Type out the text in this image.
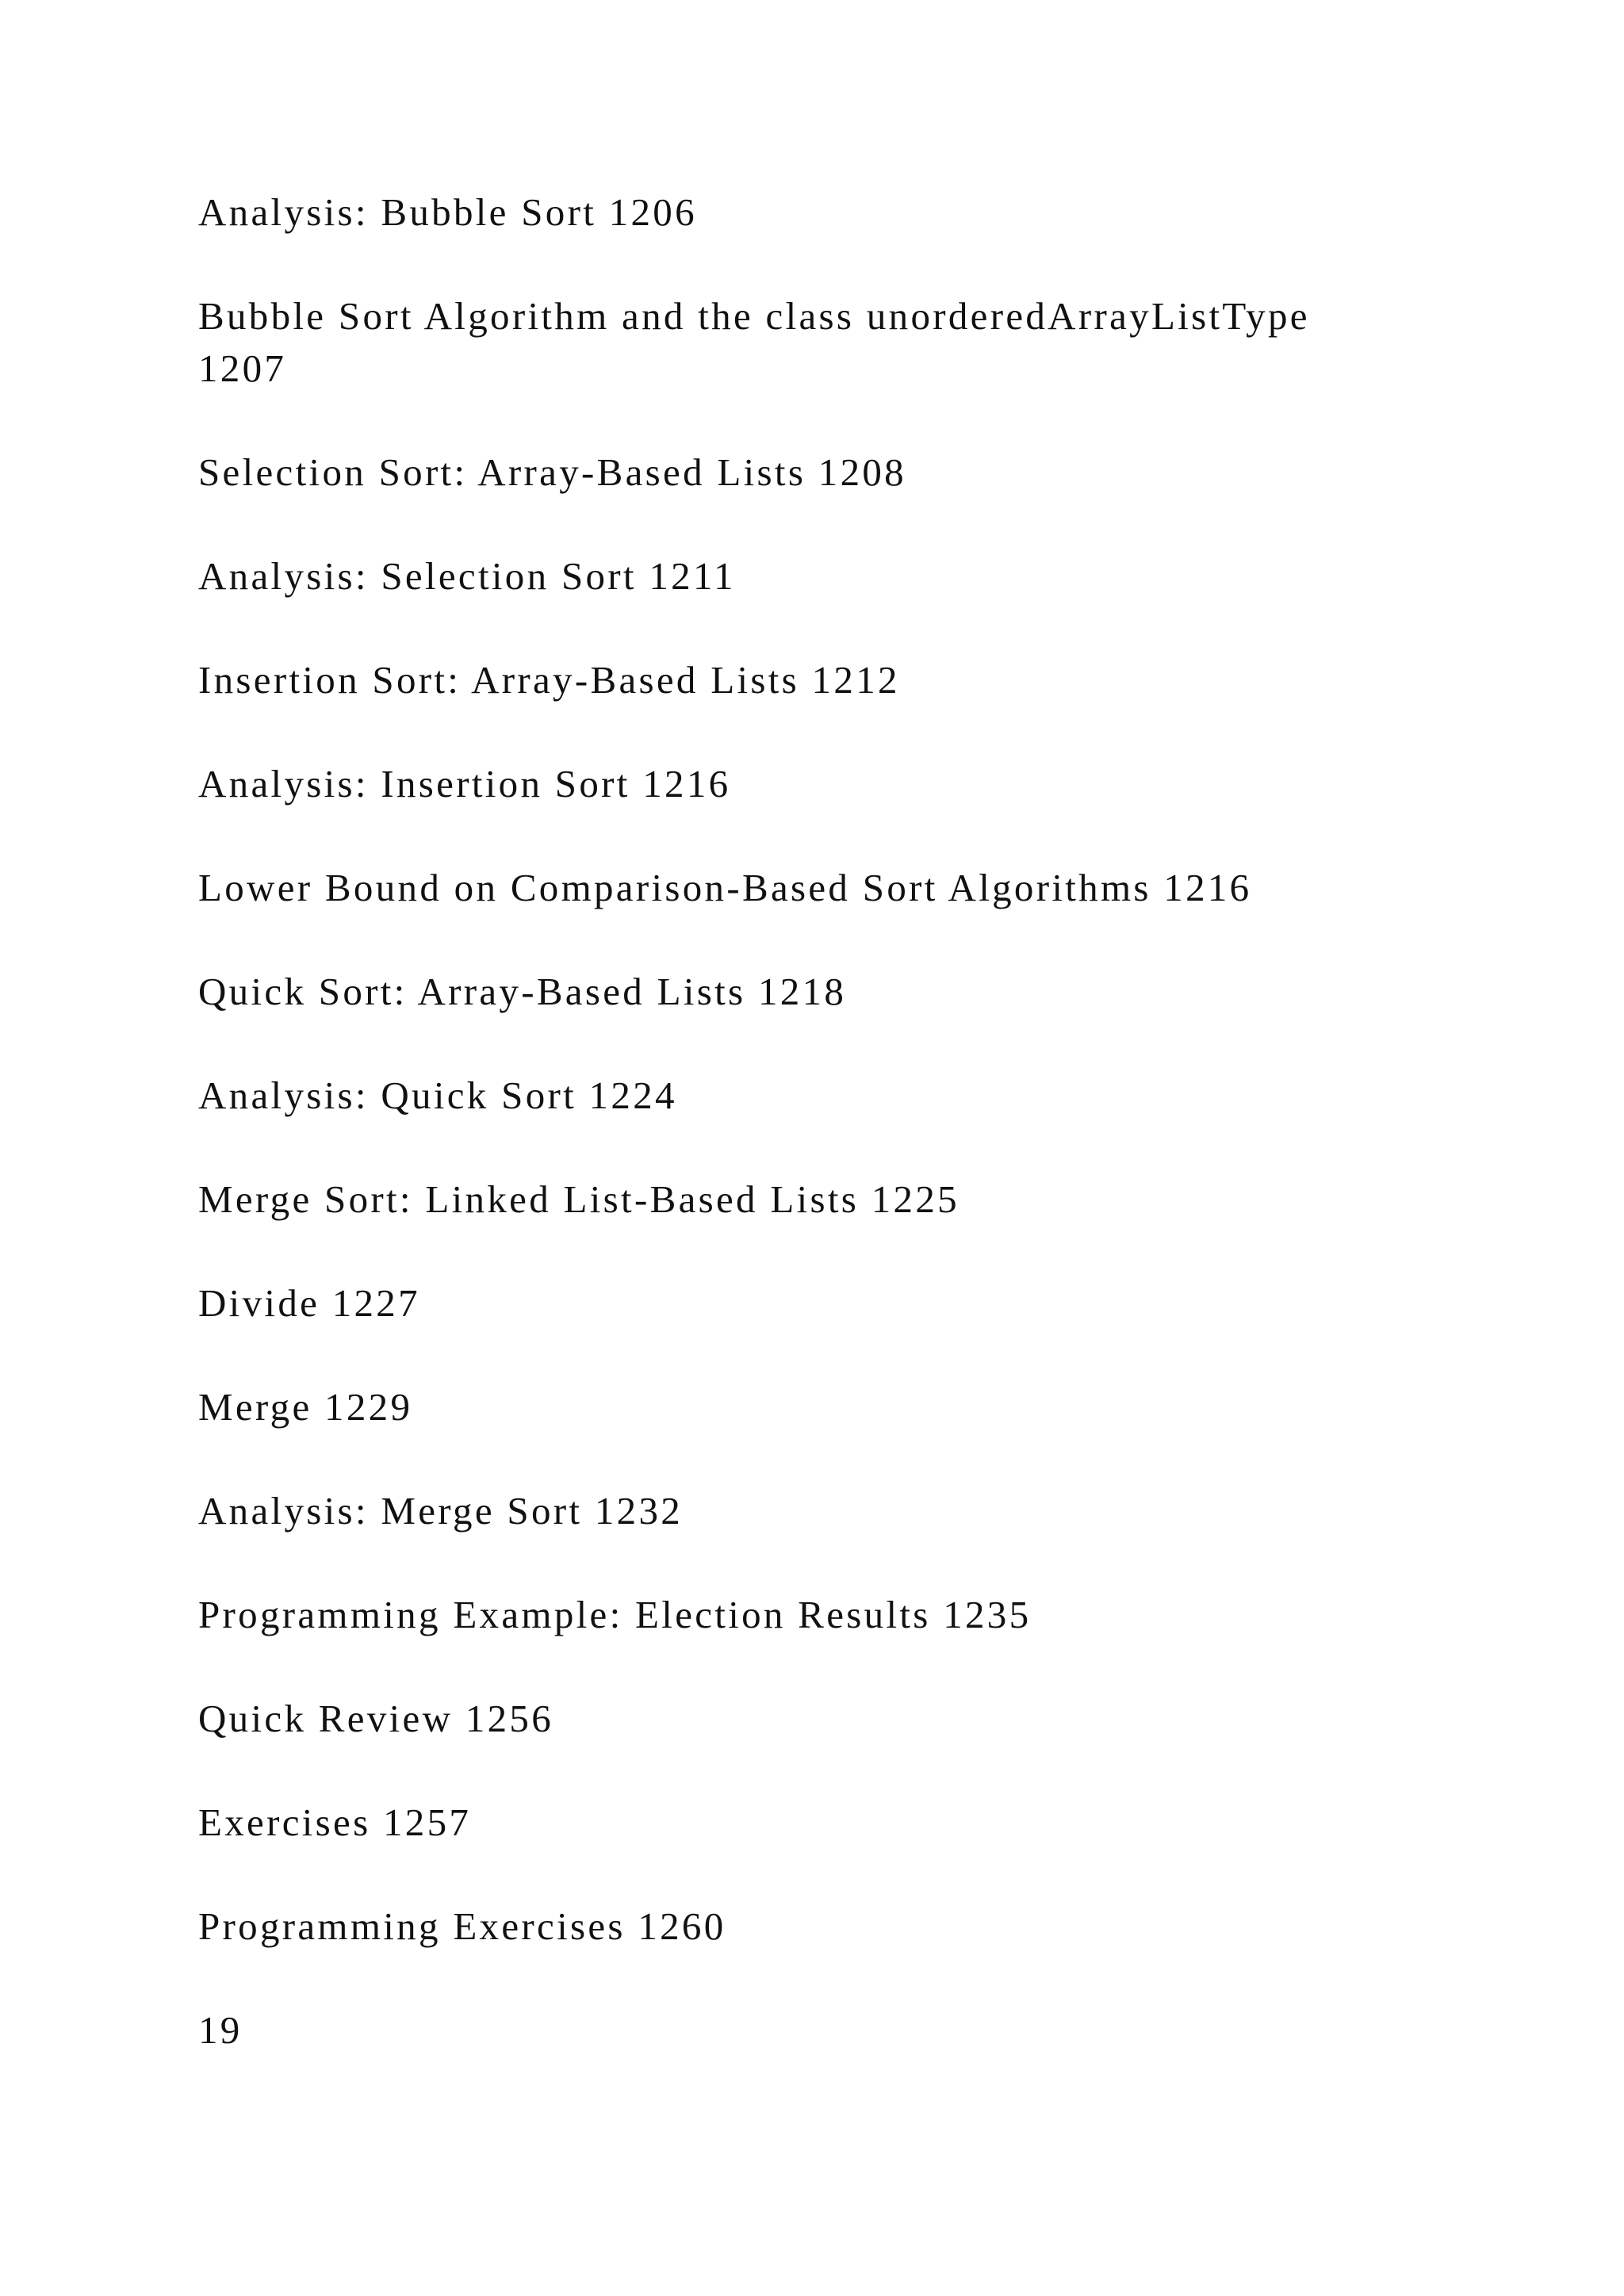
Analysis: Bubble Sort 1206
Bubble Sort Algorithm and the class unorderedArrayListType 1207
Selection Sort: Array-Based Lists 1208
Analysis: Selection Sort 1211
Insertion Sort: Array-Based Lists 1212
Analysis: Insertion Sort 1216
Lower Bound on Comparison-Based Sort Algorithms 1216
Quick Sort: Array-Based Lists 1218
Analysis: Quick Sort 1224
Merge Sort: Linked List-Based Lists 1225
Divide 1227
Merge 1229
Analysis: Merge Sort 1232
Programming Example: Election Results 1235
Quick Review 1256
Exercises 1257
Programming Exercises 1260
19
